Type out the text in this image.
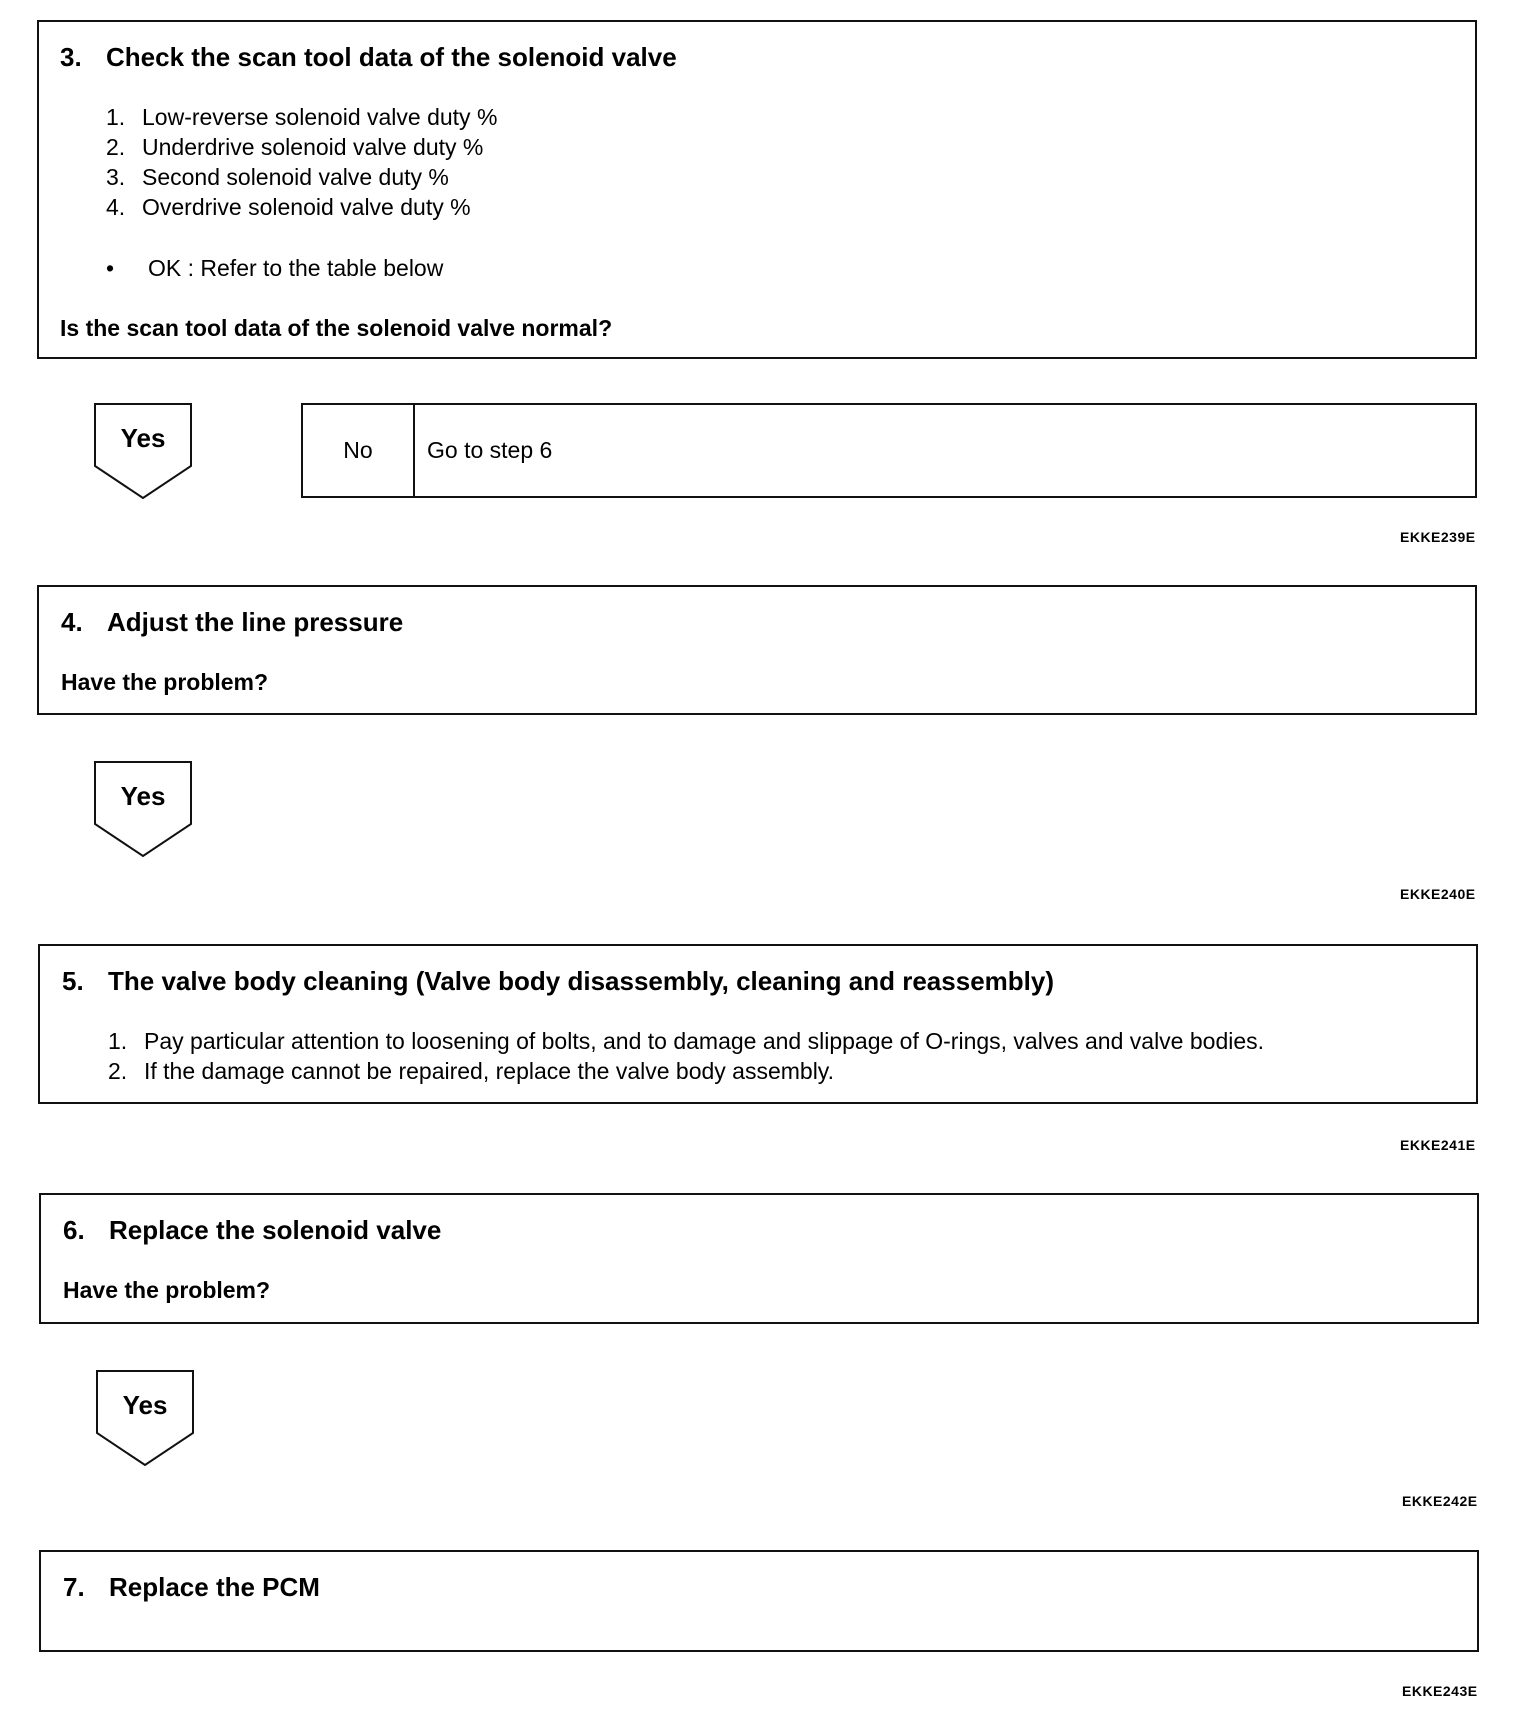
3. Check the scan tool data of the solenoid valve
1. Low-reverse solenoid valve duty %
2. Underdrive solenoid valve duty %
3. Second solenoid valve duty %
4. Overdrive solenoid valve duty %
• OK : Refer to the table below
Is the scan tool data of the solenoid valve normal?
Yes	No	Go to step 6
EKKE239E
4. Adjust the line pressure
Have the problem?
Yes
EKKE240E
5. The valve body cleaning (Valve body disassembly, cleaning and reassembly)
1. Pay particular attention to loosening of bolts, and to damage and slippage of O-rings, valves and valve bodies.
2. If the damage cannot be repaired, replace the valve body assembly.
EKKE241E
6. Replace the solenoid valve
Have the problem?
Yes
EKKE242E
7. Replace the PCM
EKKE243E
